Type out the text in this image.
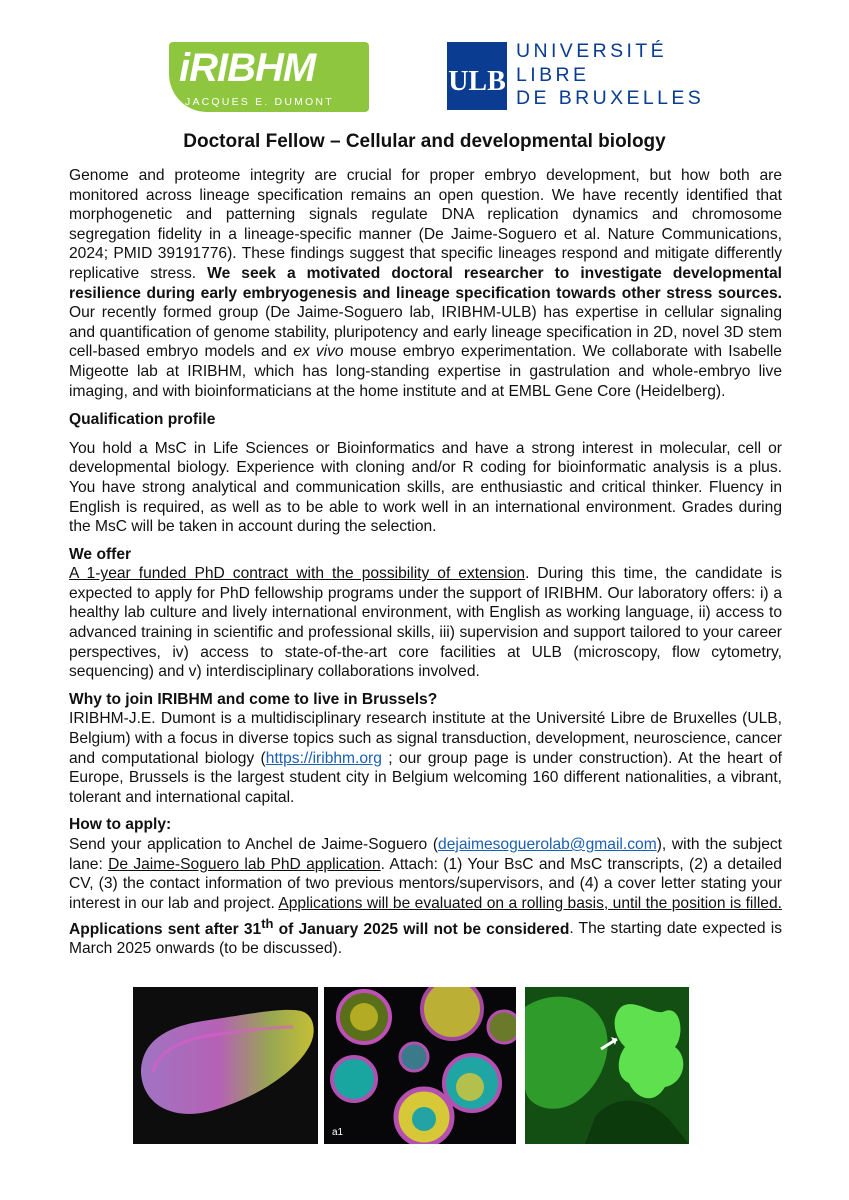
iRIBHM
JACQUES E. DUMONT
ULB
UNIVERSITÉ
LIBRE
DE BRUXELLES
Doctoral Fellow – Cellular and developmental biology

Genome and proteome integrity are crucial for proper embryo development, but how both are monitored across lineage specification remains an open question. We have recently identified that morphogenetic and patterning signals regulate DNA replication dynamics and chromosome segregation fidelity in a lineage-specific manner (De Jaime-Soguero et al. Nature Communications, 2024; PMID 39191776). These findings suggest that specific lineages respond and mitigate differently replicative stress. We seek a motivated doctoral researcher to investigate developmental resilience during early embryogenesis and lineage specification towards other stress sources. Our recently formed group (De Jaime-Soguero lab, IRIBHM-ULB) has expertise in cellular signaling and quantification of genome stability, pluripotency and early lineage specification in 2D, novel 3D stem cell-based embryo models and ex vivo mouse embryo experimentation. We collaborate with Isabelle Migeotte lab at IRIBHM, which has long-standing expertise in gastrulation and whole-embryo live imaging, and with bioinformaticians at the home institute and at EMBL Gene Core (Heidelberg).

Qualification profile

You hold a MsC in Life Sciences or Bioinformatics and have a strong interest in molecular, cell or developmental biology. Experience with cloning and/or R coding for bioinformatic analysis is a plus. You have strong analytical and communication skills, are enthusiastic and critical thinker. Fluency in English is required, as well as to be able to work well in an international environment. Grades during the MsC will be taken in account during the selection.

We offer

A 1-year funded PhD contract with the possibility of extension. During this time, the candidate is expected to apply for PhD fellowship programs under the support of IRIBHM. Our laboratory offers: i) a healthy lab culture and lively international environment, with English as working language, ii) access to advanced training in scientific and professional skills, iii) supervision and support tailored to your career perspectives, iv) access to state-of-the-art core facilities at ULB (microscopy, flow cytometry, sequencing) and v) interdisciplinary collaborations involved.

Why to join IRIBHM and come to live in Brussels?

IRIBHM-J.E. Dumont is a multidisciplinary research institute at the Université Libre de Bruxelles (ULB, Belgium) with a focus in diverse topics such as signal transduction, development, neuroscience, cancer and computational biology (https://iribhm.org ; our group page is under construction). At the heart of Europe, Brussels is the largest student city in Belgium welcoming 160 different nationalities, a vibrant, tolerant and international capital.

How to apply:

Send your application to Anchel de Jaime-Soguero (dejaimesoguerolab@gmail.com), with the subject lane: De Jaime-Soguero lab PhD application. Attach: (1) Your BsC and MsC transcripts, (2) a detailed CV, (3) the contact information of two previous mentors/supervisors, and (4) a cover letter stating your interest in our lab and project. Applications will be evaluated on a rolling basis, until the position is filled. Applications sent after 31th of January 2025 will not be considered. The starting date expected is March 2025 onwards (to be discussed).

a1
